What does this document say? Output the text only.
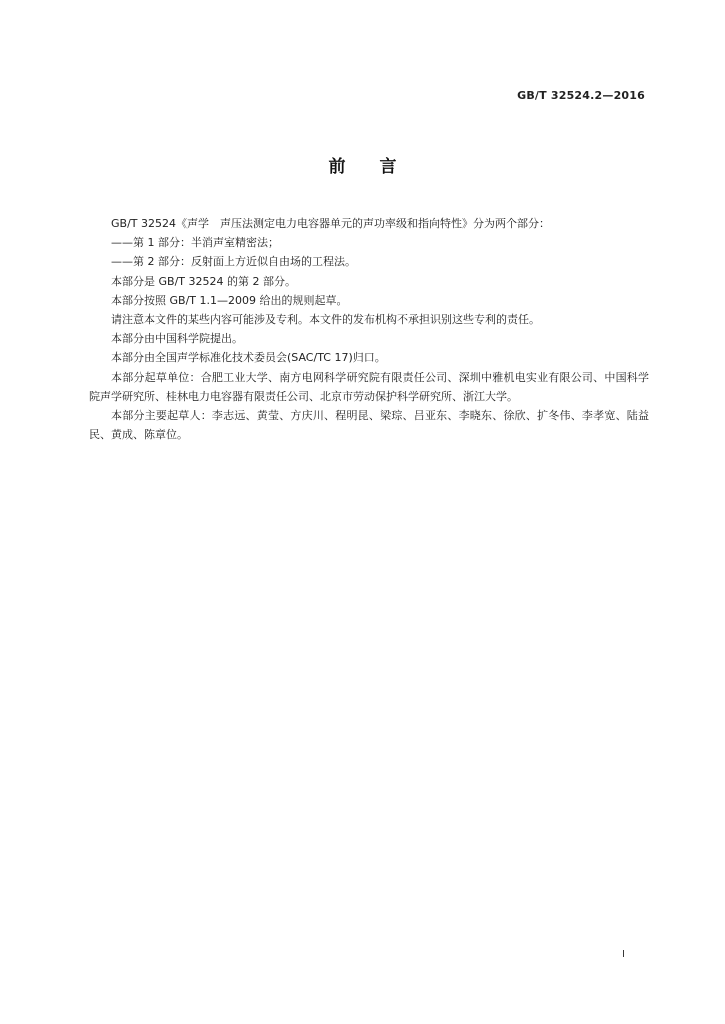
GB/T 32524.2—2016
前言

GB/T 32524《声学　声压法测定电力电容器单元的声功率级和指向特性》分为两个部分：

——第 1 部分：半消声室精密法；

——第 2 部分：反射面上方近似自由场的工程法。

本部分是 GB/T 32524 的第 2 部分。

本部分按照 GB/T 1.1—2009 给出的规则起草。

请注意本文件的某些内容可能涉及专利。本文件的发布机构不承担识别这些专利的责任。

本部分由中国科学院提出。

本部分由全国声学标准化技术委员会(SAC/TC 17)归口。

本部分起草单位：合肥工业大学、南方电网科学研究院有限责任公司、深圳中雅机电实业有限公司、中国科学院声学研究所、桂林电力电容器有限责任公司、北京市劳动保护科学研究所、浙江大学。

本部分主要起草人：李志远、黄莹、方庆川、程明昆、梁琮、吕亚东、李晓东、徐欣、扩冬伟、李孝宽、陆益民、黄成、陈章位。

I
